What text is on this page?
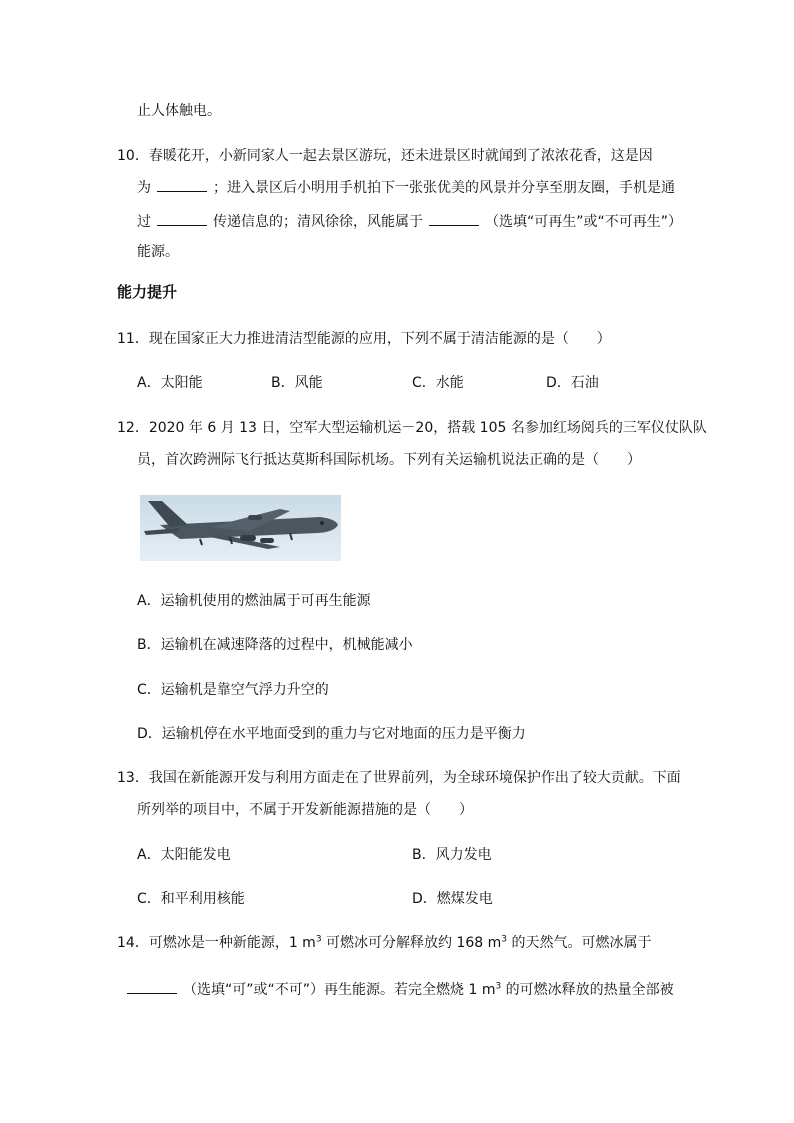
止人体触电。
10．春暖花开，小新同家人一起去景区游玩，还未进景区时就闻到了浓浓花香，这是因
为	；进入景区后小明用手机拍下一张张优美的风景并分享至朋友圈，手机是通
过	传递信息的；清风徐徐，风能属于	（选填“可再生”或“不可再生”）
能源。
能力提升
11．现在国家正大力推进清洁型能源的应用，下列不属于清洁能源的是（　　）
A．太阳能	B．风能	C．水能	D．石油
12．2020 年 6 月 13 日，空军大型运输机运－20，搭载 105 名参加红场阅兵的三军仪仗队队
员，首次跨洲际飞行抵达莫斯科国际机场。下列有关运输机说法正确的是（　　）
A．运输机使用的燃油属于可再生能源
B．运输机在减速降落的过程中，机械能减小
C．运输机是靠空气浮力升空的
D．运输机停在水平地面受到的重力与它对地面的压力是平衡力
13．我国在新能源开发与利用方面走在了世界前列，为全球环境保护作出了较大贡献。下面
所列举的项目中，不属于开发新能源措施的是（　　）
A．太阳能发电	B．风力发电
C．和平利用核能	D．燃煤发电
14．可燃冰是一种新能源，1 $m^3$ 可燃冰可分解释放约 168 $m^3$ 的天然气。可燃冰属于
（选填“可”或“不可”）再生能源。若完全燃烧 1 $m^3$ 的可燃冰释放的热量全部被
